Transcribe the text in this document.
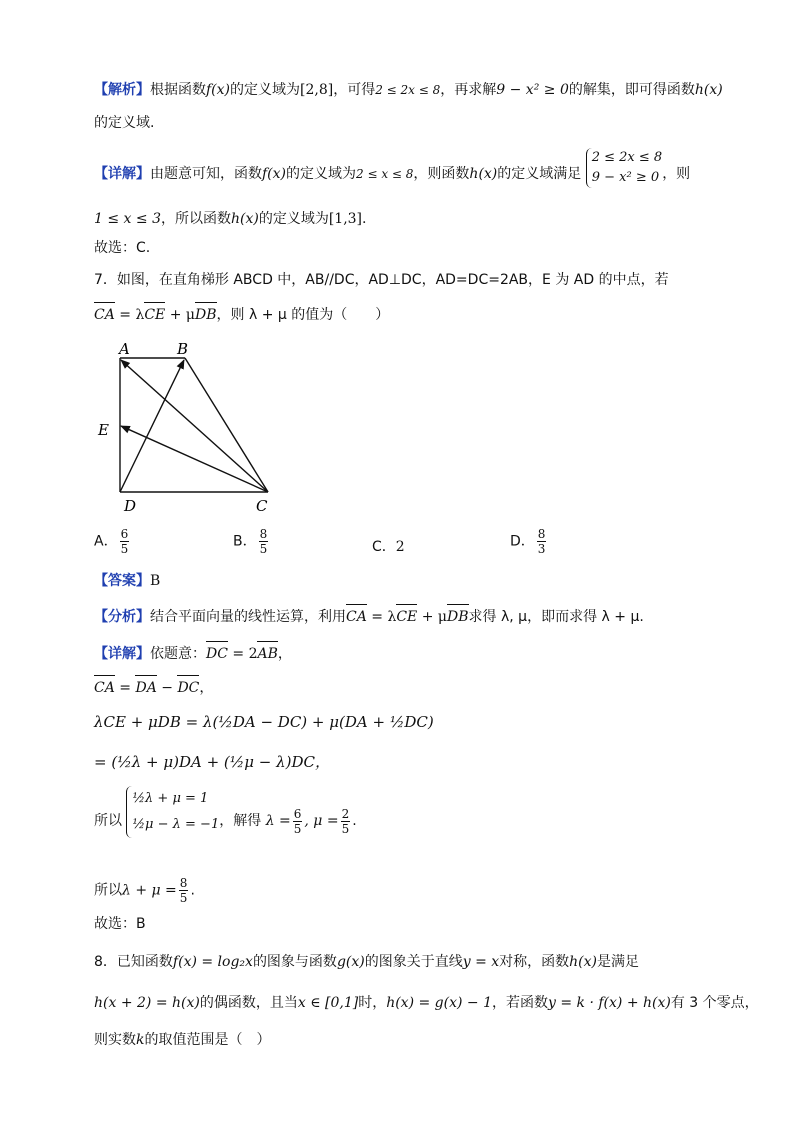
【解析】根据函数f(x)的定义域为[2,8]，可得2 ≤ 2x ≤ 8，再求解9 − x² ≥ 0的解集，即可得函数h(x)
的定义域.
【详解】由题意可知，函数f(x)的定义域为2 ≤ x ≤ 8，则函数h(x)的定义域满足 2 ≤ 2x ≤ 8
9 − x² ≥ 0 ，则
1 ≤ x ≤ 3，所以函数h(x)的定义域为[1,3].
故选：C.
7．如图，在直角梯形 ABCD 中，AB//DC，AD⊥DC，AD=DC=2AB，E 为 AD 的中点，若
CA = λCE + μDB，则 λ + μ 的值为（　　）
A	B
E
D	C
A． $\frac{6}{5}$	B． $\frac{8}{5}$	C．2	D． $\frac{8}{3}$
【答案】B
【分析】结合平面向量的线性运算，利用CA = λCE + μDB求得 λ, μ，即而求得 λ + μ.
【详解】依题意：DC = 2AB，
CA = DA − DC，
λCE + μDB = λ(½DA − DC) + μ(DA + ½DC)
= (½λ + μ)DA + (½μ − λ)DC，
所以 ½λ + μ = 1
½μ − λ = −1，解得 $\lambda = \frac{6}{5}$ , $\mu = \frac{2}{5}$ .
所以$\lambda + \mu = \frac{8}{5}$ .
故选：B
8．已知函数f(x) = log₂x的图象与函数g(x)的图象关于直线y = x对称，函数h(x)是满足
h(x + 2) = h(x)的偶函数，且当x ∈ [0,1]时，h(x) = g(x) − 1，若函数y = k · f(x) + h(x)有 3 个零点，
则实数k的取值范围是（　）
